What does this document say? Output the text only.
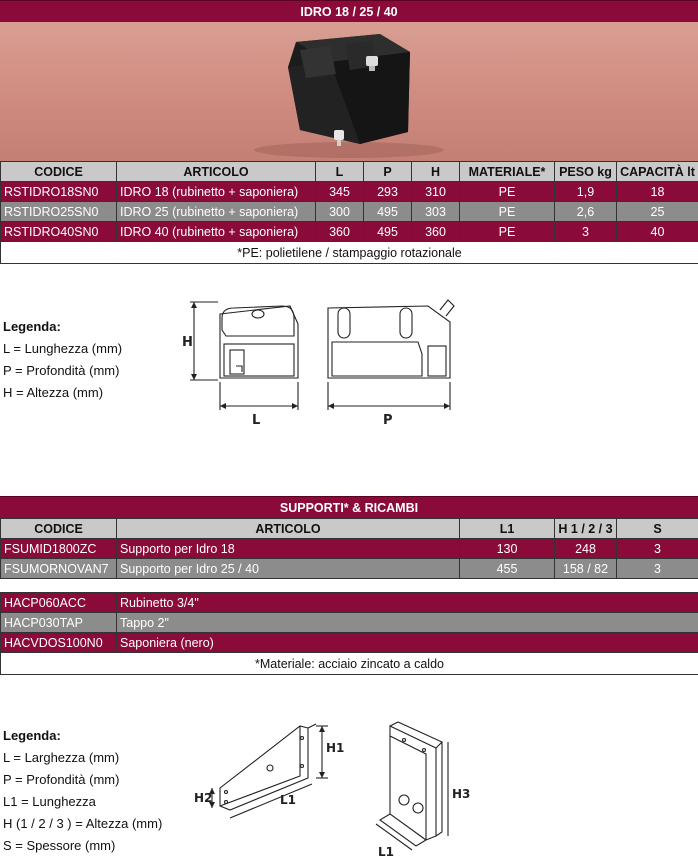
IDRO 18 / 25 / 40
CODICE	ARTICOLO	L	P	H	MATERIALE*	PESO kg	CAPACITÀ lt
RSTIDRO18SN0	IDRO 18 (rubinetto + saponiera)	345	293	310	PE	1,9	18
RSTIDRO25SN0	IDRO 25 (rubinetto + saponiera)	300	495	303	PE	2,6	25
RSTIDRO40SN0	IDRO 40 (rubinetto + saponiera)	360	495	360	PE	3	40
*PE: polietilene / stampaggio rotazionale							
Legenda:
L = Lunghezza (mm)
P = Profondità (mm)
H = Altezza (mm)
H
L	P
SUPPORTI* & RICAMBI
CODICE	ARTICOLO	L1	H 1 / 2 / 3	S
FSUMID1800ZC	Supporto per Idro 18	130	248	3
FSUMORNOVAN7	Supporto per Idro 25 / 40	455	158 / 82	3
HACP060ACC	Rubinetto 3/4"
HACP030TAP	Tappo 2"
HACVDOS100N0	Saponiera (nero)
*Materiale: acciaio zincato a caldo	
Legenda:
L = Larghezza (mm)
P = Profondità (mm)
L1 = Lunghezza
H (1 / 2 / 3 ) = Altezza (mm)
S = Spessore (mm)
H1
H2	L1	H3
L1
